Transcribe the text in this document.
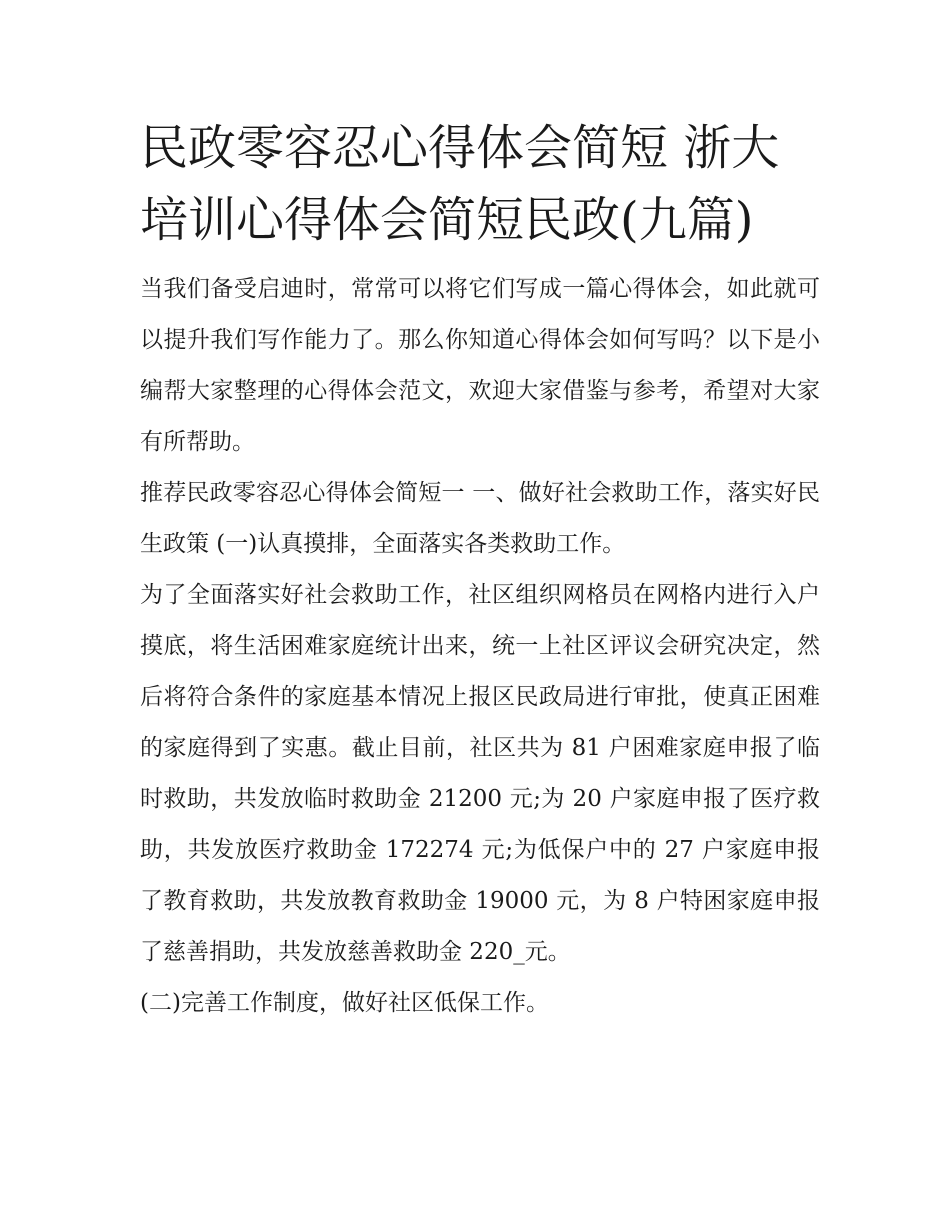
民政零容忍心得体会简短 浙大培训心得体会简短民政(九篇)

当我们备受启迪时，常常可以将它们写成一篇心得体会，如此就可以提升我们写作能力了。那么你知道心得体会如何写吗？以下是小编帮大家整理的心得体会范文，欢迎大家借鉴与参考，希望对大家有所帮助。

推荐民政零容忍心得体会简短一 一、做好社会救助工作，落实好民生政策 (一)认真摸排，全面落实各类救助工作。

为了全面落实好社会救助工作，社区组织网格员在网格内进行入户摸底，将生活困难家庭统计出来，统一上社区评议会研究决定，然后将符合条件的家庭基本情况上报区民政局进行审批，使真正困难的家庭得到了实惠。截止目前，社区共为 81 户困难家庭申报了临时救助，共发放临时救助金 21200 元;为 20 户家庭申报了医疗救助，共发放医疗救助金 172274 元;为低保户中的 27 户家庭申报了教育救助，共发放教育救助金 19000 元，为 8 户特困家庭申报了慈善捐助，共发放慈善救助金 220_元。

(二)完善工作制度，做好社区低保工作。
